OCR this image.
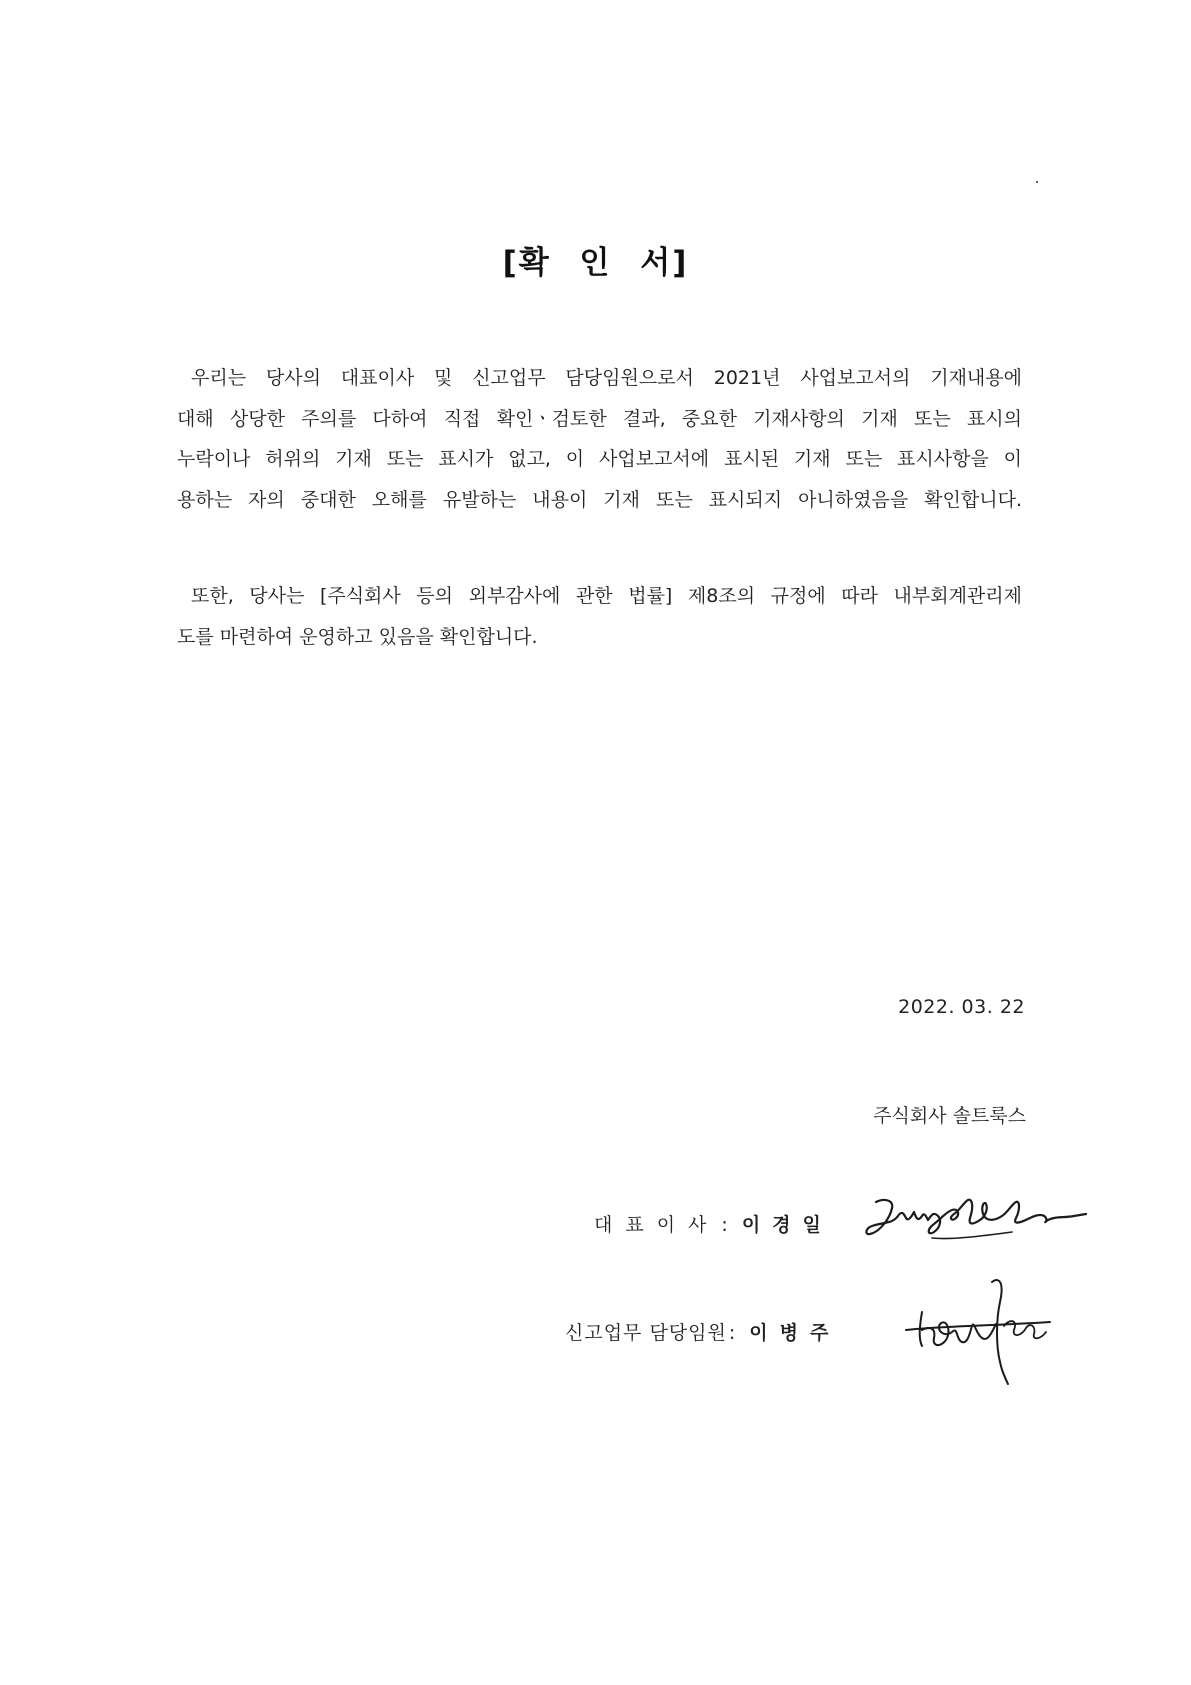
[확 인 서]
우리는 당사의 대표이사 및 신고업무 담당임원으로서 2021년 사업보고서의 기재내용에
대해 상당한 주의를 다하여 직접 확인ㆍ검토한 결과, 중요한 기재사항의 기재 또는 표시의
누락이나 허위의 기재 또는 표시가 없고, 이 사업보고서에 표시된 기재 또는 표시사항을 이
용하는 자의 중대한 오해를 유발하는 내용이 기재 또는 표시되지 아니하였음을 확인합니다.
또한, 당사는 [주식회사 등의 외부감사에 관한 법률] 제8조의 규정에 따라 내부회계관리제
도를 마련하여 운영하고 있음을 확인합니다.
2022. 03. 22
주식회사 솔트룩스
대표이사 : 이경일
신고업무 담당임원 : 이병주
